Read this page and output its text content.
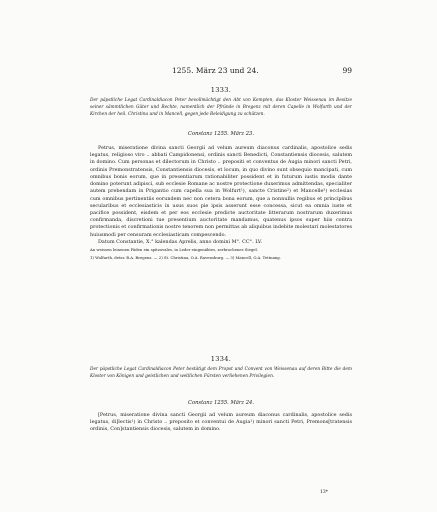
1255. März 23 und 24.	99
1333.

Der päpstliche Legat Cardinaldiacon Peter bevollmächtigt den Abt von Kempten, das Kloster Weissenau im Besitze seiner sämmtlichen Güter und Rechte, namentlich der Pfründe in Bregenz mit deren Capelle in Wolfurth und der Kirchen der heil. Christina und in Mancell, gegen jede Beleidigung zu schützen.

Constanz 1255. März 23.

Petrus, miseratione divina sancti Georgii ad velum aureum diaconus cardinalis, apostolice sedis legatus, religioso viro .. abbati Campidonensi, ordinis sancti Benedicti, Constantiensis diocesis, salutem in domino. Cum personas et dilectorum in Christo .. prepositi et conventus de Augia minori sancti Petri, ordinis Premonstratensis, Constantiensis diocesis, et locum, in quo divino sunt obsequio mancipati, cum omnibus bonis eorum, que in presentiarum rationabiliter possident et in futurum iustis modis dante domino poterunt adipisci, sub ecclesie Romane ac nostre protectione duxerimus admittendas, specialiter autem prebendam in Prigantio cum capella sua in Wolfurt¹), sancte Cristine²) et Mancelle³) ecclesias cum omnibus pertinentiis eorundem nec non cetera bona eorum, que a nonnullis regibus et principibus secularibus et ecclesiasticis in usus suos pie ipsis asserunt esse concessa, sicut ea omnia iuste et pacifice possident, eisdem et per eos ecclesie predicte auctoritate litterarum nostrarum duxerimus confirmanda, discretioni tue presentium auctoritate mandamus, quatenus ipsos super hiis contra protectionis et confirmationis nostre tenorem non permittas ab aliquibus indebite molestari molestatores huiusmodi per censuram ecclesiasticam compescendo.

Datum Constantie, X.° kalendas Aprelis, anno domini M°. CC°. LV.

An weissen leinenen Fäden ein spitzovales, in Leder eingenähtes, zerbrochenes Siegel.

1) Wolfurth, detsr. B.A. Bregenz. — 2) St. Christina, O.A. Ravensburg. — 3) Mancell, O.A. Tettnang.

1334.

Der päpstliche Legat Cardinaldiacon Peter bestätigt dem Propst und Convent von Weissenau auf deren Bitte die dem Kloster von Königen und geistlichen und weltlichen Fürsten verliehenen Privilegien.

Constanz 1255. März 24.

[Petrus, miseratione divina sancti Georgii ad velum aureum diaconus cardinalis, apostolice sedis legatus, di]lectis¹) in Christo .. preposito et conventui de Augia¹) minori sancti Petri, Premons[tratensis ordinis, Con]stantiensis diocesis, salutem in domino.

13*
